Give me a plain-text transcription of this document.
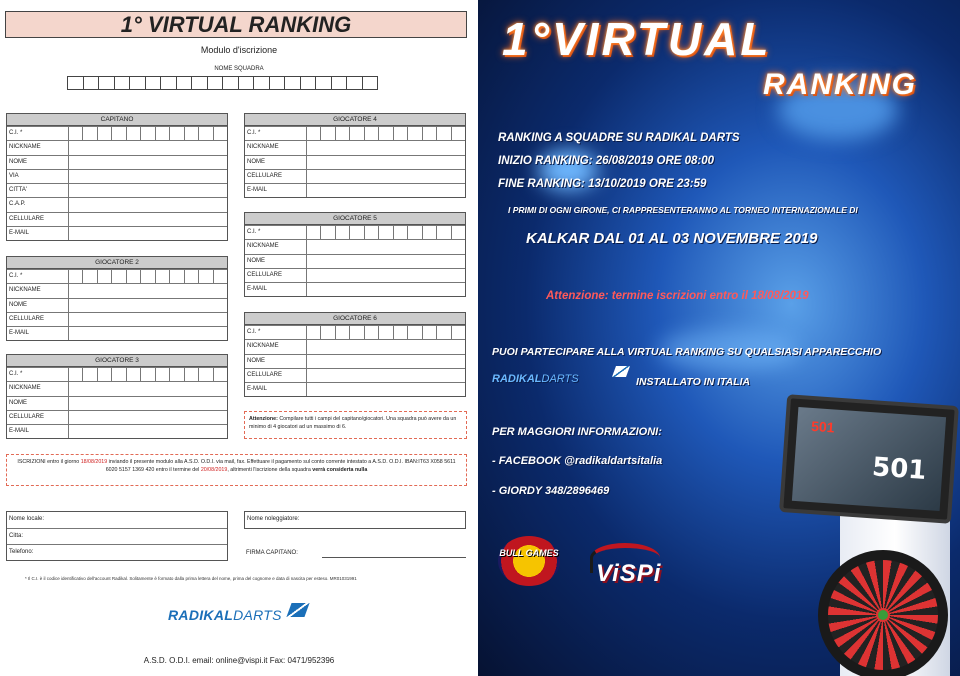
1° VIRTUAL RANKING
Modulo d'iscrizione
NOME SQUADRA
CAPITANO
C.I. *
NICKNAME
NOME
VIA
CITTA'
C.A.P.
CELLULARE
E-MAIL
GIOCATORE 2
C.I. *
NICKNAME
NOME
CELLULARE
E-MAIL
GIOCATORE 3
C.I. *
NICKNAME
NOME
CELLULARE
E-MAIL
GIOCATORE 4
C.I. *
NICKNAME
NOME
CELLULARE
E-MAIL
GIOCATORE 5
C.I. *
NICKNAME
NOME
CELLULARE
E-MAIL
GIOCATORE 6
C.I. *
NICKNAME
NOME
CELLULARE
E-MAIL
Attenzione: Compilare tutti i campi del capitano/giocatori. Una squadra può avere da un minimo di 4 giocatori ad un massimo di 6.
ISCRIZIONI entro il giorno 18/08/2019 inviando il presente modulo alla A.S.D. O.D.I. via mail, fax. Effettuare il pagamento sul conto corrente intestato a A.S.D. O.D.I. IBAN:IT63 X058 5611 6020 5157 1369 420 entro il termine del 20/08/2019, altrimenti l'iscrizione della squadra verrà considerta nulla
Nome locale:
Citta:
Telefono:
Nome noleggiatore:
FIRMA CAPITANO:
* Il C.I. è il codice identificativo dell'account Radikal. Solitamente è formato dalla prima lettera del nome, prima del cognome e data di nascita per esteso. MR01031991
RADIKALDARTS
A.S.D. O.D.I. email: online@vispi.it Fax: 0471/952396
1°VIRTUAL
RANKING
RANKING A SQUADRE SU RADIKAL DARTS
INIZIO RANKING: 26/08/2019 ORE 08:00
FINE RANKING: 13/10/2019 ORE 23:59
I PRIMI DI OGNI GIRONE, CI RAPPRESENTERANNO AL TORNEO INTERNAZIONALE DI
KALKAR DAL 01 AL 03 NOVEMBRE 2019
Attenzione: termine iscrizioni entro il 18/08/2019
PUOI PARTECIPARE ALLA VIRTUAL RANKING SU QUALSIASI APPARECCHIO
RADIKALDARTS	INSTALLATO IN ITALIA
PER MAGGIORI INFORMAZIONI:
- FACEBOOK @radikaldartsitalia
- GIORDY 348/2896469
501
501
BULL GAMES
ViSPi
